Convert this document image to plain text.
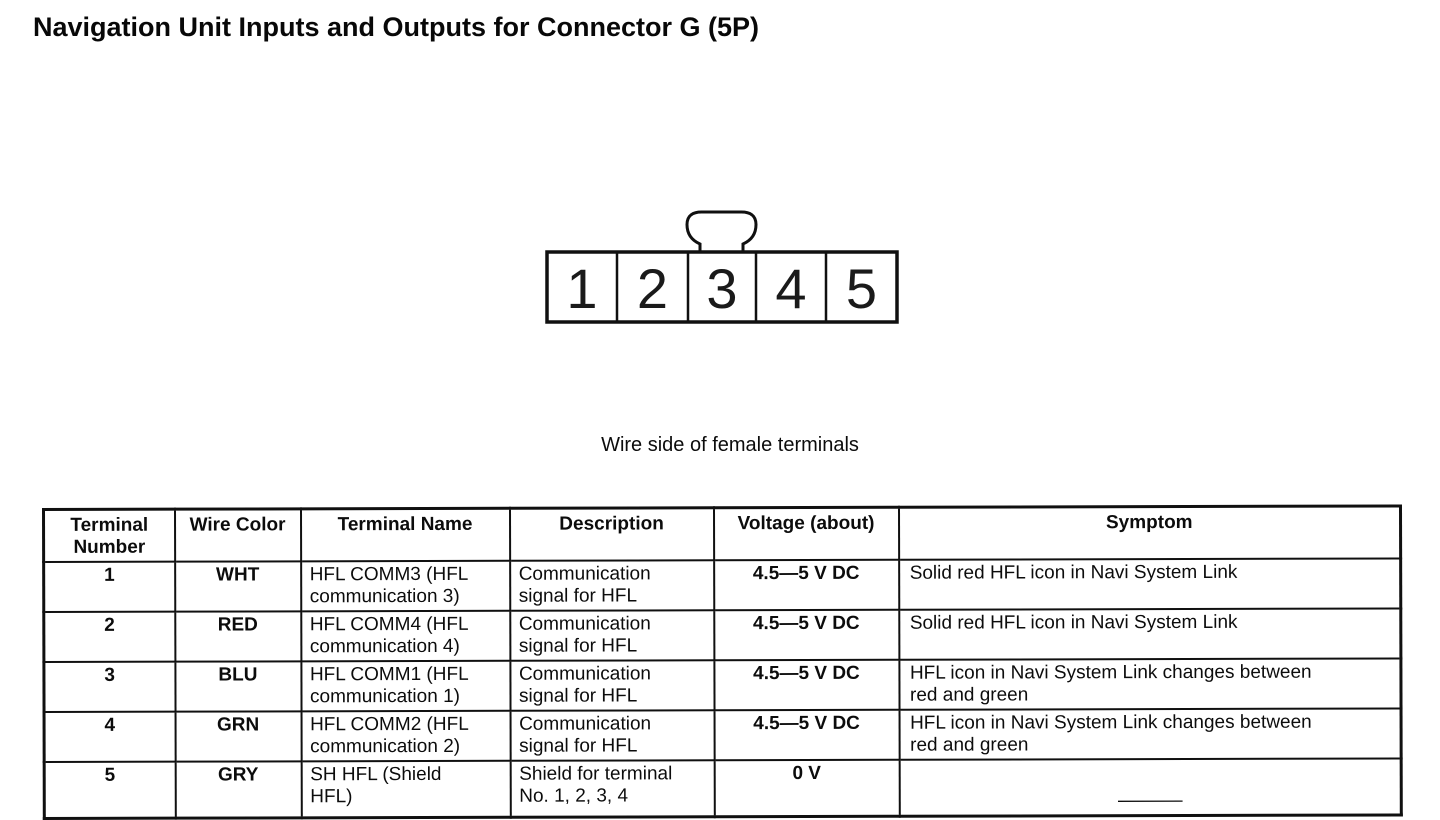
Navigation Unit Inputs and Outputs for Connector G (5P)
1 2 3 4 5
Wire side of female terminals
Terminal
Number	Wire Color	Terminal Name	Description	Voltage (about)	Symptom
1	WHT	HFL COMM3 (HFL
communication 3)	Communication
signal for HFL	4.5—5 V DC	Solid red HFL icon in Navi System Link
2	RED	HFL COMM4 (HFL
communication 4)	Communication
signal for HFL	4.5—5 V DC	Solid red HFL icon in Navi System Link
3	BLU	HFL COMM1 (HFL
communication 1)	Communication
signal for HFL	4.5—5 V DC	HFL icon in Navi System Link changes between
red and green
4	GRN	HFL COMM2 (HFL
communication 2)	Communication
signal for HFL	4.5—5 V DC	HFL icon in Navi System Link changes between
red and green
5	GRY	SH HFL (Shield
HFL)	Shield for terminal
No. 1, 2, 3, 4	0 V	—
